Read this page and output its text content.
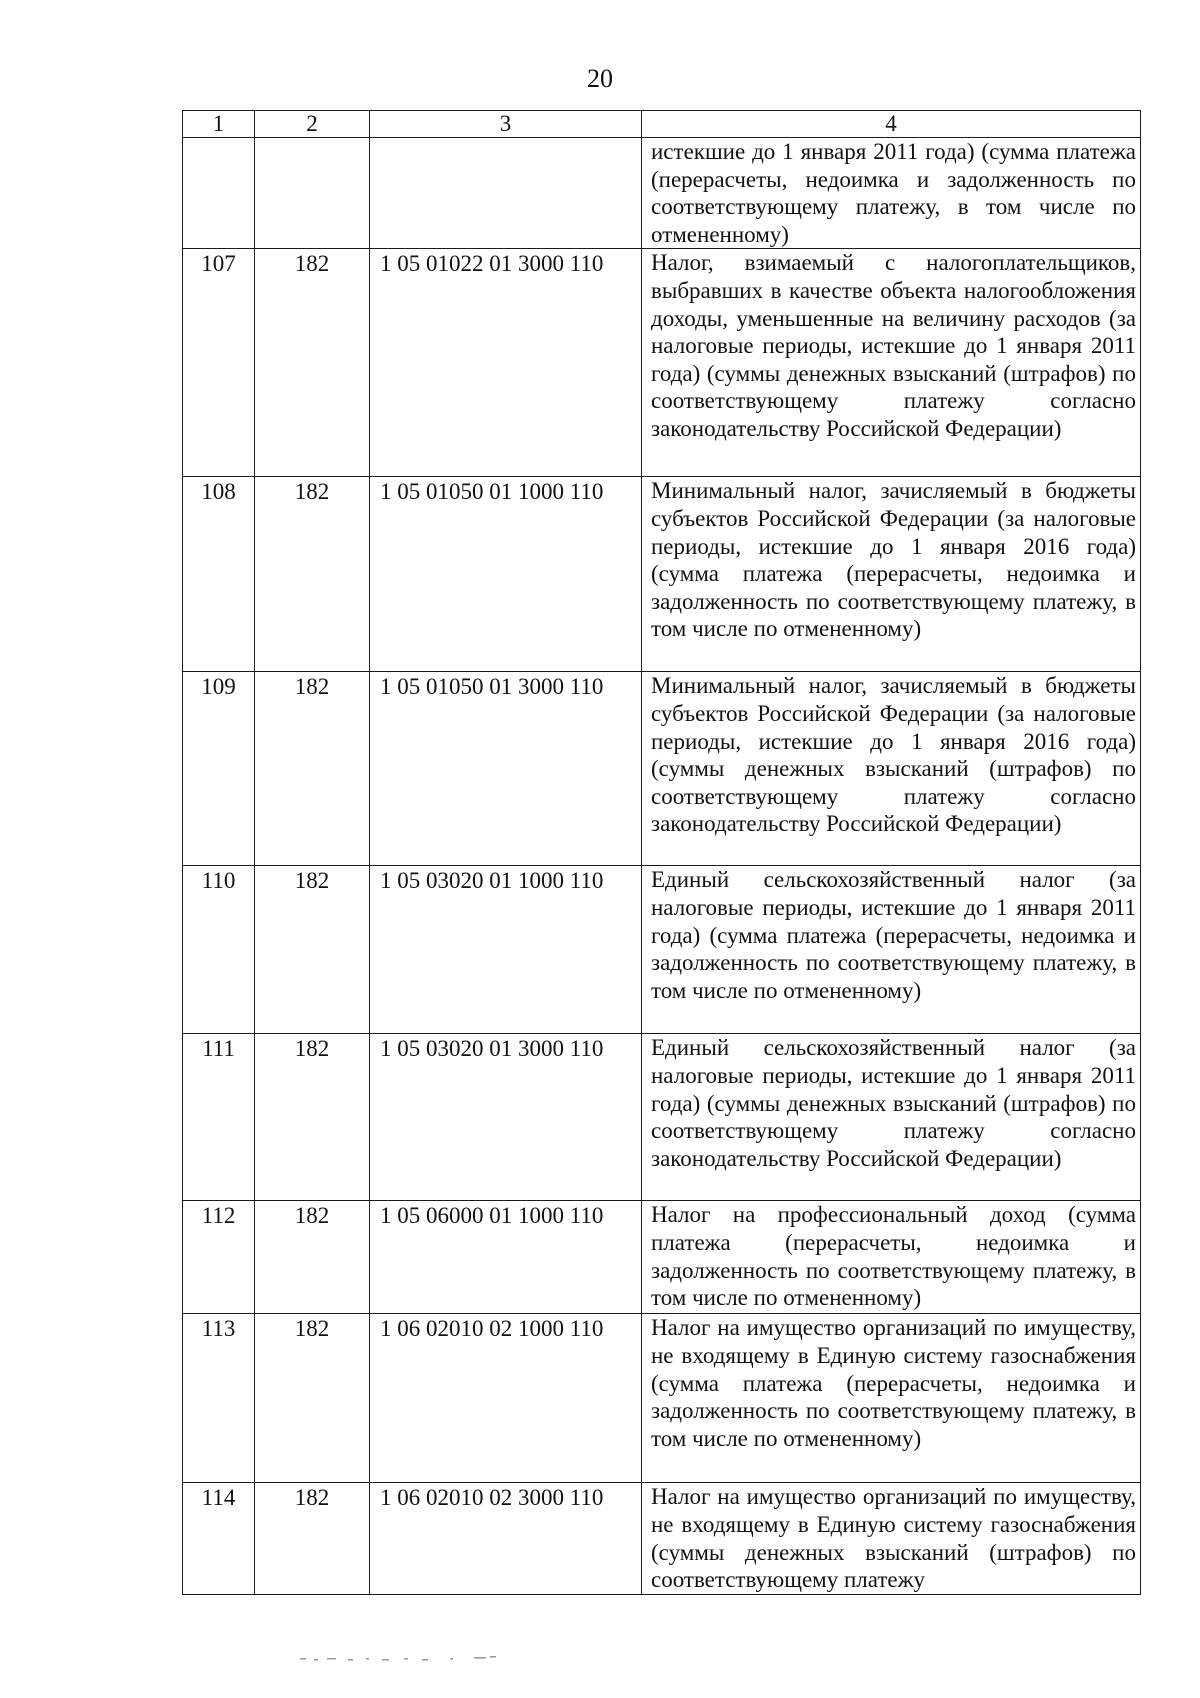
20
1	2	3	4
			истекшие до 1 января 2011 года) (сумма платежа (перерасчеты, недоимка и задолженность по соответствующему платежу, в том числе по отмененному)
107	182	1 05 01022 01 3000 110	Налог, взимаемый с налогоплательщиков, выбравших в качестве объекта налогообложения доходы, уменьшенные на величину расходов (за налоговые периоды, истекшие до 1 января 2011 года) (суммы денежных взысканий (штрафов) по соответствующему платежу согласно законодательству Российской Федерации)
108	182	1 05 01050 01 1000 110	Минимальный налог, зачисляемый в бюджеты субъектов Российской Федерации (за налоговые периоды, истекшие до 1 января 2016 года) (сумма платежа (перерасчеты, недоимка и задолженность по соответствующему платежу, в том числе по отмененному)
109	182	1 05 01050 01 3000 110	Минимальный налог, зачисляемый в бюджеты субъектов Российской Федерации (за налоговые периоды, истекшие до 1 января 2016 года) (суммы денежных взысканий (штрафов) по соответствующему платежу согласно законодательству Российской Федерации)
110	182	1 05 03020 01 1000 110	Единый сельскохозяйственный налог (за налоговые периоды, истекшие до 1 января 2011 года) (сумма платежа (перерасчеты, недоимка и задолженность по соответствующему платежу, в том числе по отмененному)
111	182	1 05 03020 01 3000 110	Единый сельскохозяйственный налог (за налоговые периоды, истекшие до 1 января 2011 года) (суммы денежных взысканий (штрафов) по соответствующему платежу согласно законодательству Российской Федерации)
112	182	1 05 06000 01 1000 110	Налог на профессиональный доход (сумма платежа (перерасчеты, недоимка и задолженность по соответствующему платежу, в том числе по отмененному)
113	182	1 06 02010 02 1000 110	Налог на имущество организаций по имуществу, не входящему в Единую систему газоснабжения (сумма платежа (перерасчеты, недоимка и задолженность по соответствующему платежу, в том числе по отмененному)
114	182	1 06 02010 02 3000 110	Налог на имущество организаций по имуществу, не входящему в Единую систему газоснабжения (суммы денежных взысканий (штрафов) по соответствующему платежу
